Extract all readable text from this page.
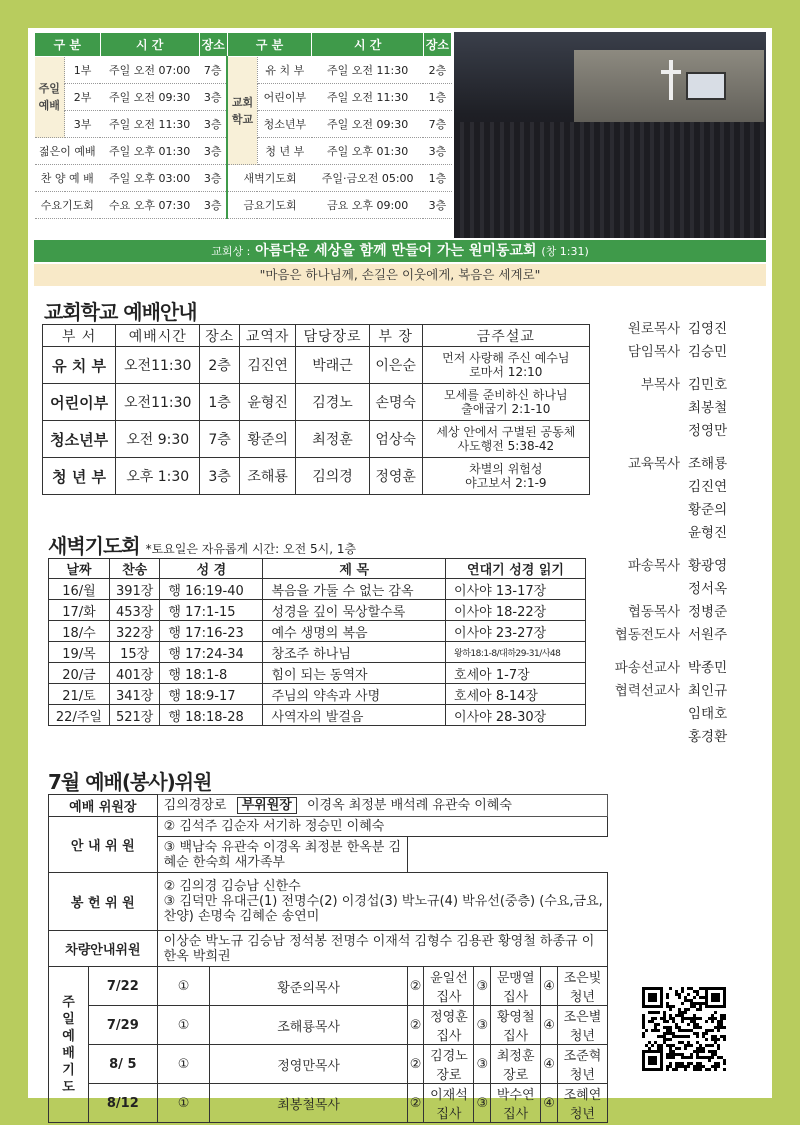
구 분		시 간	장소	구 분		시 간	장소
주일예배	1부	주일 오전 07:00	7층	교회학교	유 치 부	주일 오전 11:30	2층
	2부	주일 오전 09:30	3층		어린이부	주일 오전 11:30	1층
	3부	주일 오전 11:30	3층		청소년부	주일 오전 09:30	7층
젊은이 예배		주일 오후 01:30	3층		청 년 부	주일 오후 01:30	3층
찬 양 예 배		주일 오후 03:00	3층	새벽기도회		주일·금오전 05:00	1층
수요기도회		수요 오후 07:30	3층	금요기도회		금요 오후 09:00	3층
교회상 : 아름다운 세상을 함께 만들어 가는 원미동교회 (창 1:31)
"마음은 하나님께, 손길은 이웃에게, 복음은 세계로"
교회학교 예배안내
부 서	예배시간	장소	교역자	담당장로	부 장	금주설교
유 치 부	오전11:30	2층	김진연	박래근	이은순	먼저 사랑해 주신 예수님
로마서 12:10

어린이부	오전11:30	1층	윤형진	김경노	손명숙	모세를 준비하신 하나님
출애굽기 2:1-10

청소년부	오전 9:30	7층	황준의	최정훈	엄상숙	세상 안에서 구별된 공동체
사도행전 5:38-42

청 년 부	오후 1:30	3층	조해룡	김의경	정영훈	차별의 위험성
야고보서 2:1-9
새벽기도회 *토요일은 자유롭게 시간: 오전 5시, 1층
날짜	찬송	성 경	제 목	연대기 성경 읽기
16/월	391장	행 16:19-40	복음을 가둘 수 없는 감옥	이사야 13-17장
17/화	453장	행 17:1-15	성경을 깊이 묵상할수록	이사야 18-22장
18/수	322장	행 17:16-23	예수 생명의 복음	이사야 23-27장
19/목	15장	행 17:24-34	창조주 하나님	왕하18:1-8/대하29-31/사48
20/금	401장	행 18:1-8	힘이 되는 동역자	호세아 1-7장
21/토	341장	행 18:9-17	주님의 약속과 사명	호세아 8-14장
22/주일	521장	행 18:18-28	사역자의 발걸음	이사야 28-30장
7월 예배(봉사)위원
예배 위원장		김의경장로 부위원장 이경옥 최정분 배석례 유관숙 이혜숙							
안 내 위 원		② 김석주 김순자 서기하 정승민 이혜숙							
		③ 백남숙 유관숙 이경옥 최정분 한옥분 김혜순 한숙희 새가족부							
봉 헌 위 원		② 김의경 김승남 신한수
③ 김덕만 유대근(1) 전명수(2) 이경섭(3) 박노규(4) 박유선(중층) (수요,금요,찬양) 손명숙 김혜순 송연미							

차량안내위원		이상순 박노규 김승남 정석봉 전명수 이재석 김형수 김용관 황영철 하종규 이한옥 박희권							
주일예배기도	7/22	①	황준의목사	②	윤일선집사	③	문맹열집사	④	조은빛청년
	7/29	①	조해룡목사	②	정영훈집사	③	황영철집사	④	조은별청년
	8/ 5	①	정영만목사	②	김경노장로	③	최정훈장로	④	조준혁청년
	8/12	①	최봉철목사	②	이재석집사	③	박수연집사	④	조혜연청년
원로목사 김영진
담임목사 김승민
부목사 김민호
최봉철
정영만
교육목사 조해룡
김진연
황준의
윤형진
파송목사 황광영
정서옥
협동목사 정병준
협동전도사 서원주
파송선교사 박종민
협력선교사 최인규
임태호
홍경환
